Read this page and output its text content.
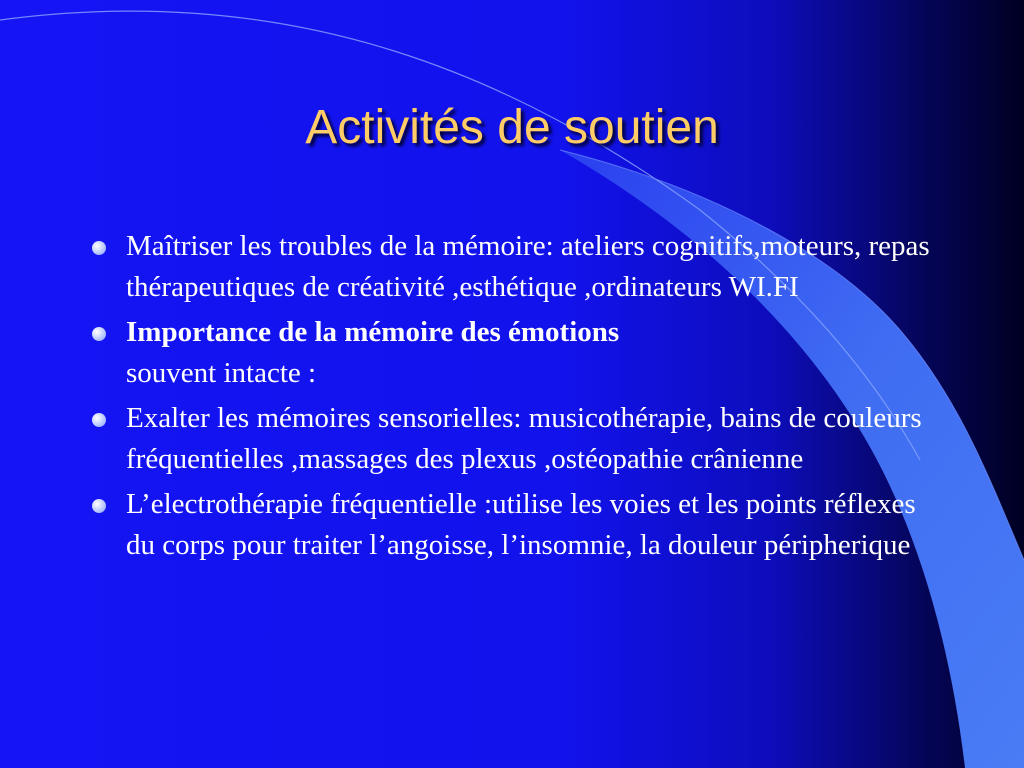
Activités de soutien
Maîtriser les troubles de la mémoire: ateliers cognitifs,moteurs, repas thérapeutiques de créativité ,esthétique ,ordinateurs WI.FI
Importance de la mémoire des émotions
souvent intacte :
Exalter les mémoires sensorielles: musicothérapie, bains de couleurs fréquentielles ,massages des plexus ,ostéopathie crânienne
L’electrothérapie fréquentielle :utilise les voies et les points réflexes du corps pour traiter l’angoisse, l’insomnie, la douleur péripherique
